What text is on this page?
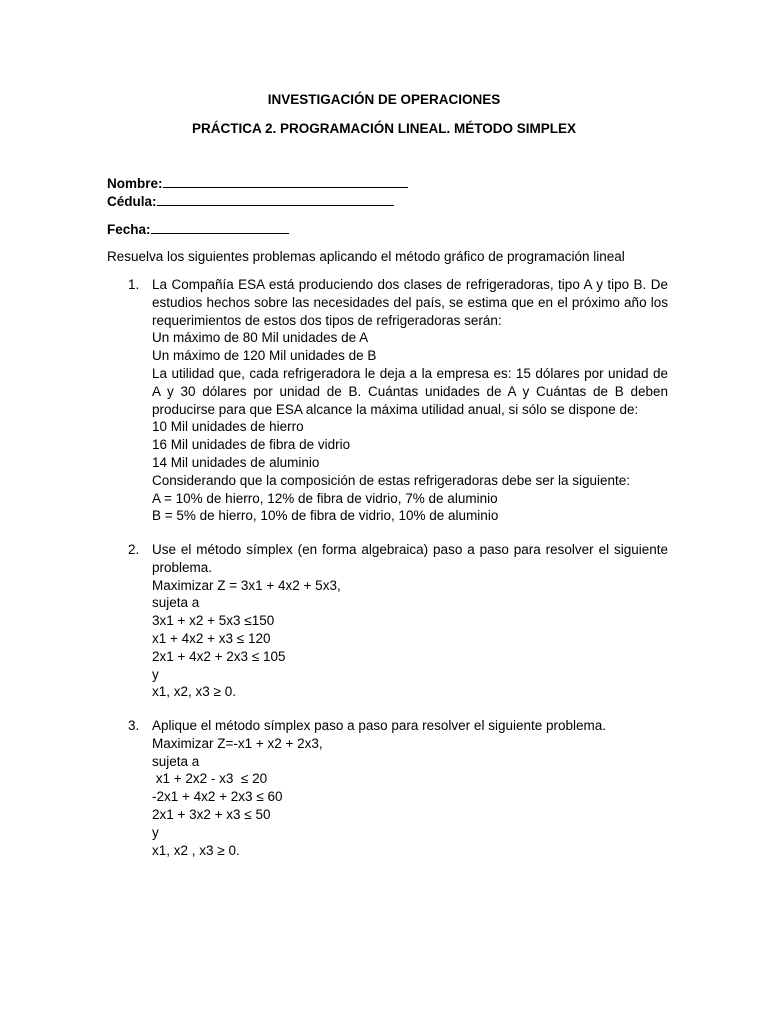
INVESTIGACIÓN DE OPERACIONES
PRÁCTICA 2. PROGRAMACIÓN LINEAL. MÉTODO SIMPLEX
Nombre:
Cédula:
Fecha:
Resuelva los siguientes problemas aplicando el método gráfico de programación lineal
1. La Compañía ESA está produciendo dos clases de refrigeradoras, tipo A y tipo B. De estudios hechos sobre las necesidades del país, se estima que en el próximo año los requerimientos de estos dos tipos de refrigeradoras serán:
Un máximo de 80 Mil unidades de A
Un máximo de 120 Mil unidades de B
La utilidad que, cada refrigeradora le deja a la empresa es: 15 dólares por unidad de A y 30 dólares por unidad de B. Cuántas unidades de A y Cuántas de B deben producirse para que ESA alcance la máxima utilidad anual, si sólo se dispone de:
10 Mil unidades de hierro
16 Mil unidades de fibra de vidrio
14 Mil unidades de aluminio
Considerando que la composición de estas refrigeradoras debe ser la siguiente:
A = 10% de hierro, 12% de fibra de vidrio, 7% de aluminio
B = 5% de hierro, 10% de fibra de vidrio, 10% de aluminio
2. Use el método símplex (en forma algebraica) paso a paso para resolver el siguiente problema.
Maximizar Z = 3x1 + 4x2 + 5x3,
sujeta a
3x1 + x2 + 5x3 ≤150
x1 + 4x2 + x3 ≤ 120
2x1 + 4x2 + 2x3 ≤ 105
y
x1, x2, x3 ≥ 0.
3. Aplique el método símplex paso a paso para resolver el siguiente problema.
Maximizar Z=-x1 + x2 + 2x3,
sujeta a
x1 + 2x2 - x3  ≤ 20
-2x1 + 4x2 + 2x3 ≤ 60
2x1 + 3x2 + x3 ≤ 50
y
x1, x2 , x3 ≥ 0.
